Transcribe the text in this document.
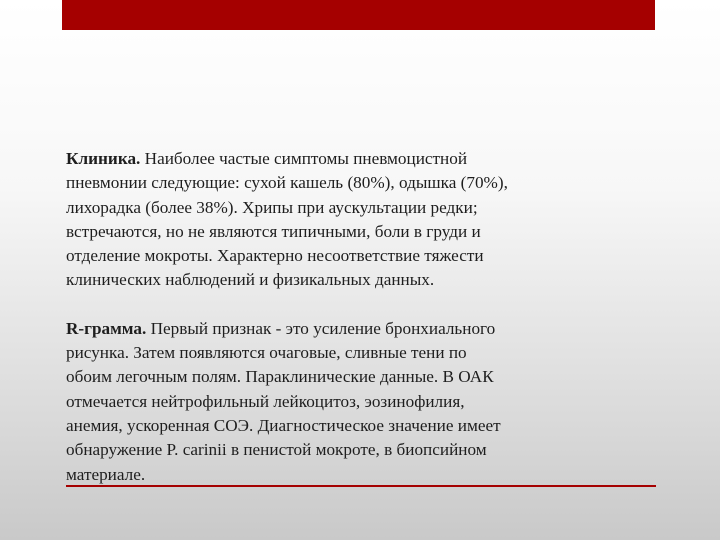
Клиника. Наиболее частые симптомы пневмоцистной
пневмонии следующие: сухой кашель (80%), одышка (70%),
лихорадка (более 38%). Хрипы при аускультации редки;
встречаются, но не являются типичными, боли в груди и
отделение мокроты. Характерно несоответствие тяжести
клинических наблюдений и физикальных данных.

R-грамма. Первый признак - это усиление бронхиального
рисунка. Затем появляются очаговые, сливные тени по
обоим легочным полям. Параклинические данные. В ОАК
отмечается нейтрофильный лейкоцитоз, эозинофилия,
анемия, ускоренная СОЭ. Диагностическое значение имеет
обнаружение P. carinii в пенистой мокроте, в биопсийном
материале.
